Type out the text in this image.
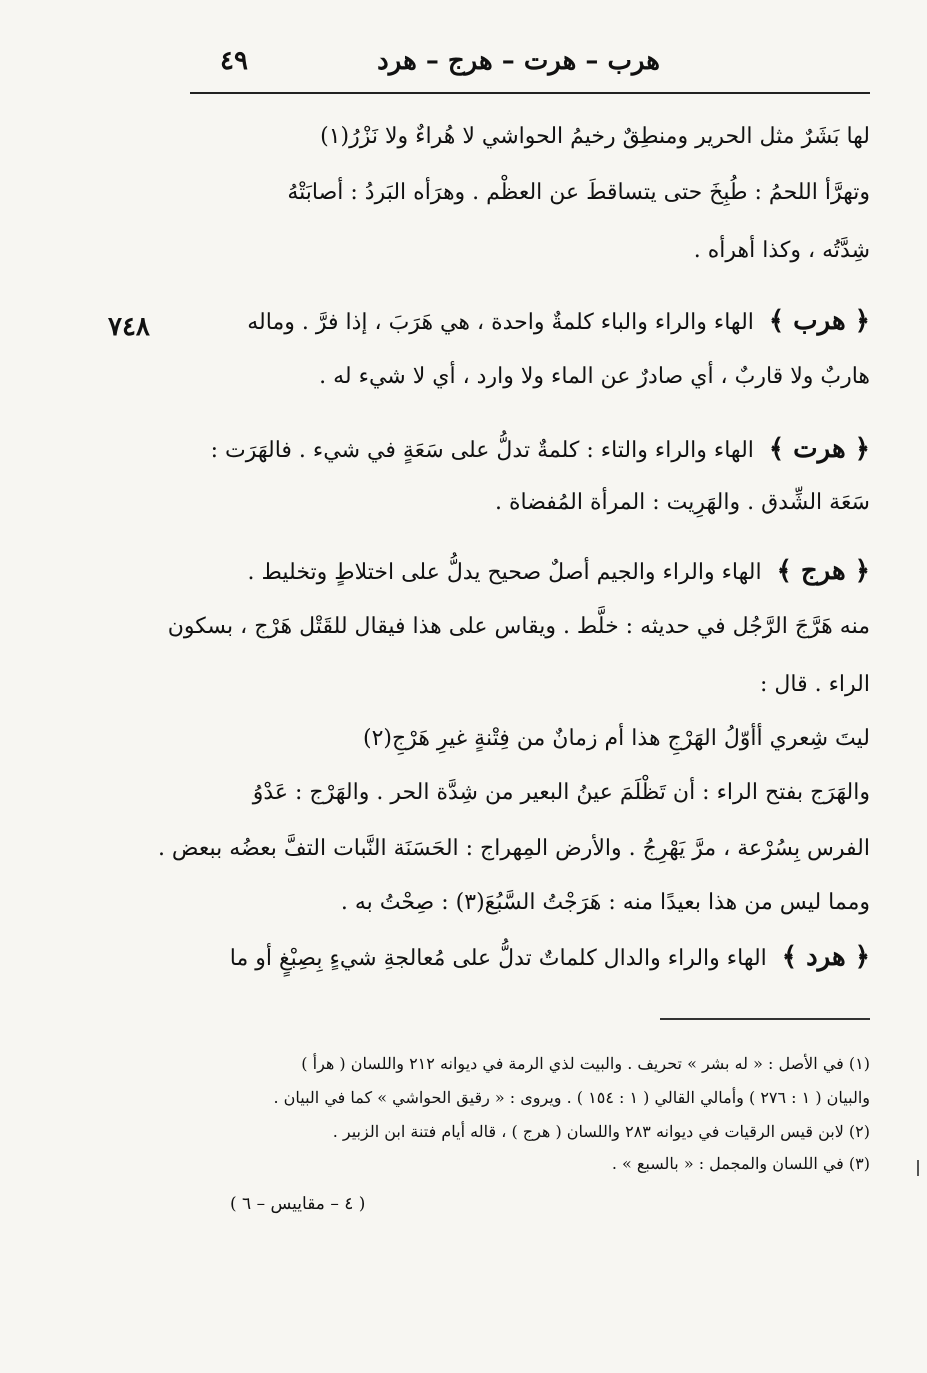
٤٩	هرب – هرت – هرج – هرد
٧٤٨
لها بَشَرٌ مثل الحرير ومنطِقٌ رخيمُ الحواشي لا هُراءٌ ولا نَزْرُ(١)
وتهرَّأ اللحمُ : طُبِخَ حتى يتساقطَ عن العظْم . وهرَأه البَردُ : أصابَتْهُ
شِدَّتُه ، وكذا أهرأه .
﴿ هرب ﴾ الهاء والراء والباء كلمةٌ واحدة ، هي هَرَبَ ، إذا فرَّ . وماله
هاربٌ ولا قاربٌ ، أي صادرٌ عن الماء ولا وارد ، أي لا شيء له .
﴿ هرت ﴾ الهاء والراء والتاء : كلمةٌ تدلُّ على سَعَةٍ في شيء . فالهَرَت :
سَعَة الشِّدق . والهَرِيت : المرأة المُفضاة .
﴿ هرج ﴾ الهاء والراء والجيم أصلٌ صحيح يدلُّ على اختلاطٍ وتخليط .
منه هَرَّجَ الرَّجُل في حديثه : خلَّط . ويقاس على هذا فيقال للقَتْل هَرْج ، بسكون
الراء . قال :
ليتَ شِعري أأوّلُ الهَرْجِ هذا أم زمانٌ من فِتْنةٍ غيرِ هَرْجِ(٢)
والهَرَج بفتح الراء : أن تَظْلَمَ عينُ البعير من شِدَّة الحر . والهَرْج : عَدْوُ
الفرس بِسُرْعة ، مرَّ يَهْرِجُ . والأرض المِهراج : الحَسَنَة النَّبات التفَّ بعضُه ببعض .
ومما ليس من هذا بعيدًا منه : هَرَجْتُ السَّبُعَ(٣) : صِحْتُ به .
﴿ هرد ﴾ الهاء والراء والدال كلماتٌ تدلُّ على مُعالجةِ شيءٍ بِصِبْغٍ أو ما
(١) في الأصل : « له بشر » تحريف . والبيت لذي الرمة في ديوانه ٢١٢ واللسان ( هرأ )
والبيان ( ١ : ٢٧٦ ) وأمالي القالي ( ١ : ١٥٤ ) . ويروى : « رقيق الحواشي » كما في البيان .
(٢) لابن قيس الرقيات في ديوانه ٢٨٣ واللسان ( هرج ) ، قاله أيام فتنة ابن الزبير .
(٣) في اللسان والمجمل : « بالسبع » .
( ٤ – مقاييس – ٦ )
